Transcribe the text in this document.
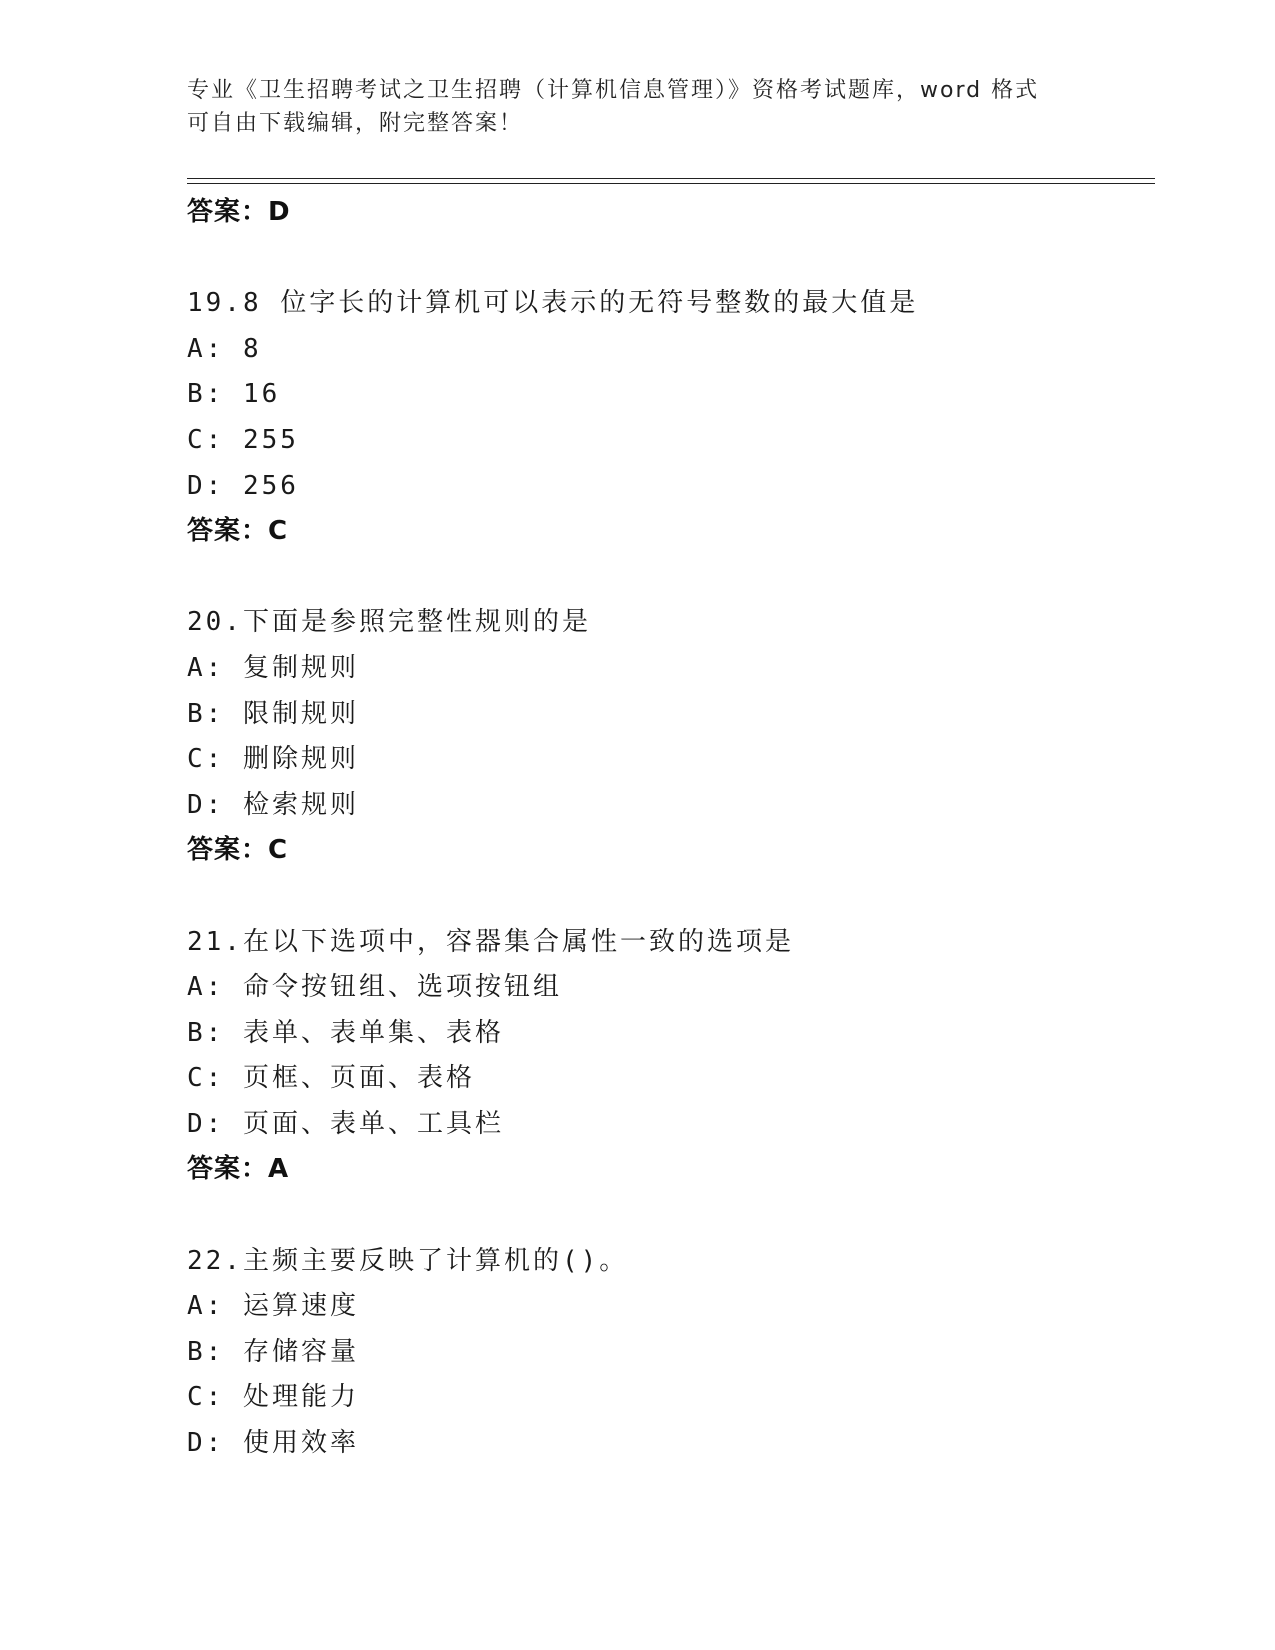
专业《卫生招聘考试之卫生招聘（计算机信息管理）》资格考试题库，word 格式
可自由下载编辑，附完整答案！
答案：D
19.8 位字长的计算机可以表示的无符号整数的最大值是
A: 8
B: 16
C: 255
D: 256
答案：C
20.下面是参照完整性规则的是
A: 复制规则
B: 限制规则
C: 删除规则
D: 检索规则
答案：C
21.在以下选项中，容器集合属性一致的选项是
A: 命令按钮组、选项按钮组
B: 表单、表单集、表格
C: 页框、页面、表格
D: 页面、表单、工具栏
答案：A
22.主频主要反映了计算机的()。
A: 运算速度
B: 存储容量
C: 处理能力
D: 使用效率
